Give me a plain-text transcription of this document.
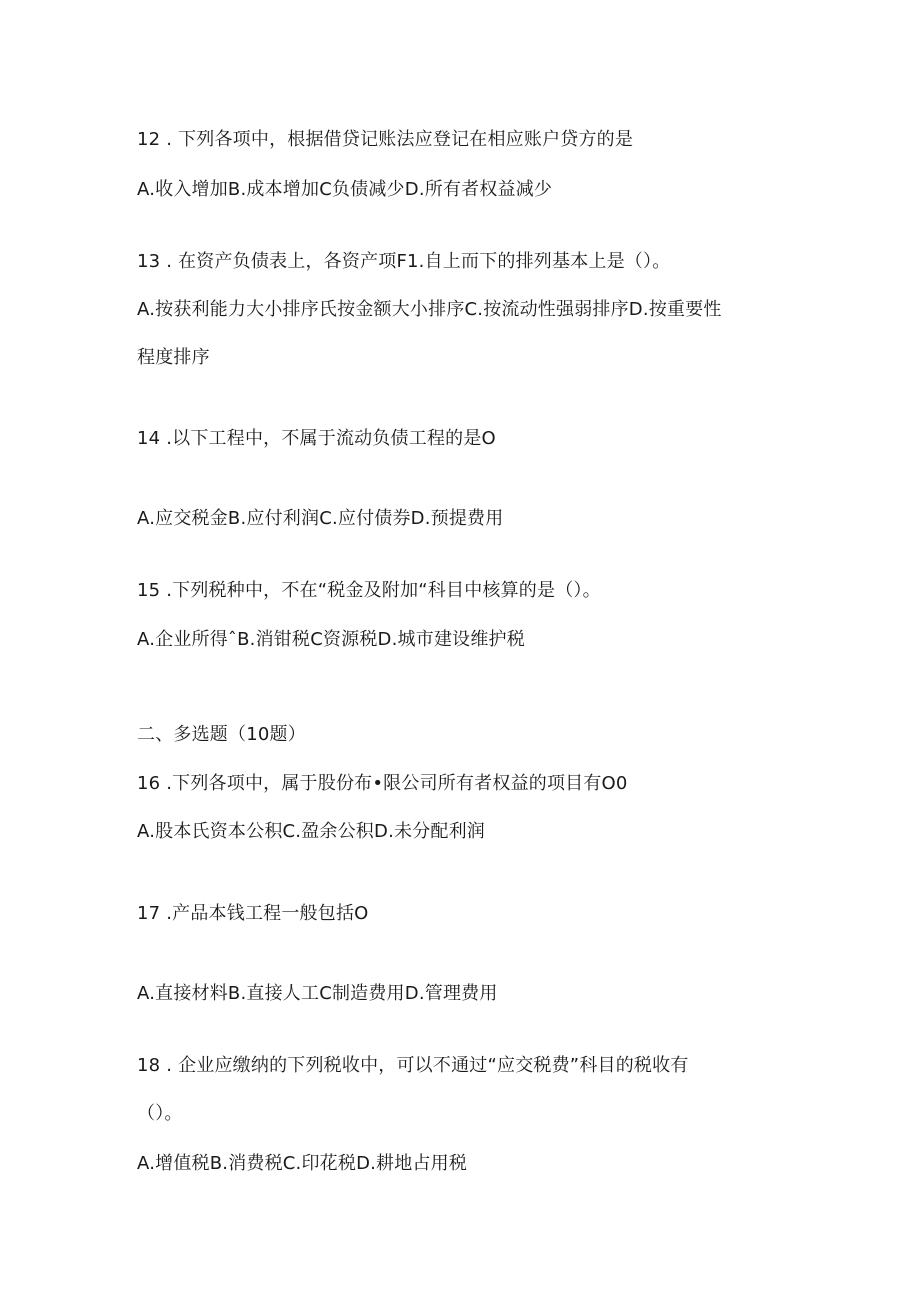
12 . 下列各项中，根据借贷记账法应登记在相应账户贷方的是
A.收入增加B.成本增加C负债减少D.所有者权益减少
13 . 在资产负债表上，各资产项F1.自上而下的排列基本上是（）。
A.按获利能力大小排序氏按金额大小排序C.按流动性强弱排序D.按重要性
程度排序
14 .以下工程中，不属于流动负债工程的是O
A.应交税金B.应付利润C.应付债券D.预提费用
15 .下列税种中，不在“税金及附加“科目中核算的是（）。
A.企业所得ˆB.消钳税C资源税D.城市建设维护税
二、多选题（10题）
16 .下列各项中，属于股份布•限公司所有者权益的项目有O0
A.股本氏资本公积C.盈余公积D.未分配利润
17 .产品本钱工程一般包括O
A.直接材料B.直接人工C制造费用D.管理费用
18 . 企业应缴纳的下列税收中，可以不通过“应交税费”科目的税收有
（）。
A.增值税B.消费税C.印花税D.耕地占用税
